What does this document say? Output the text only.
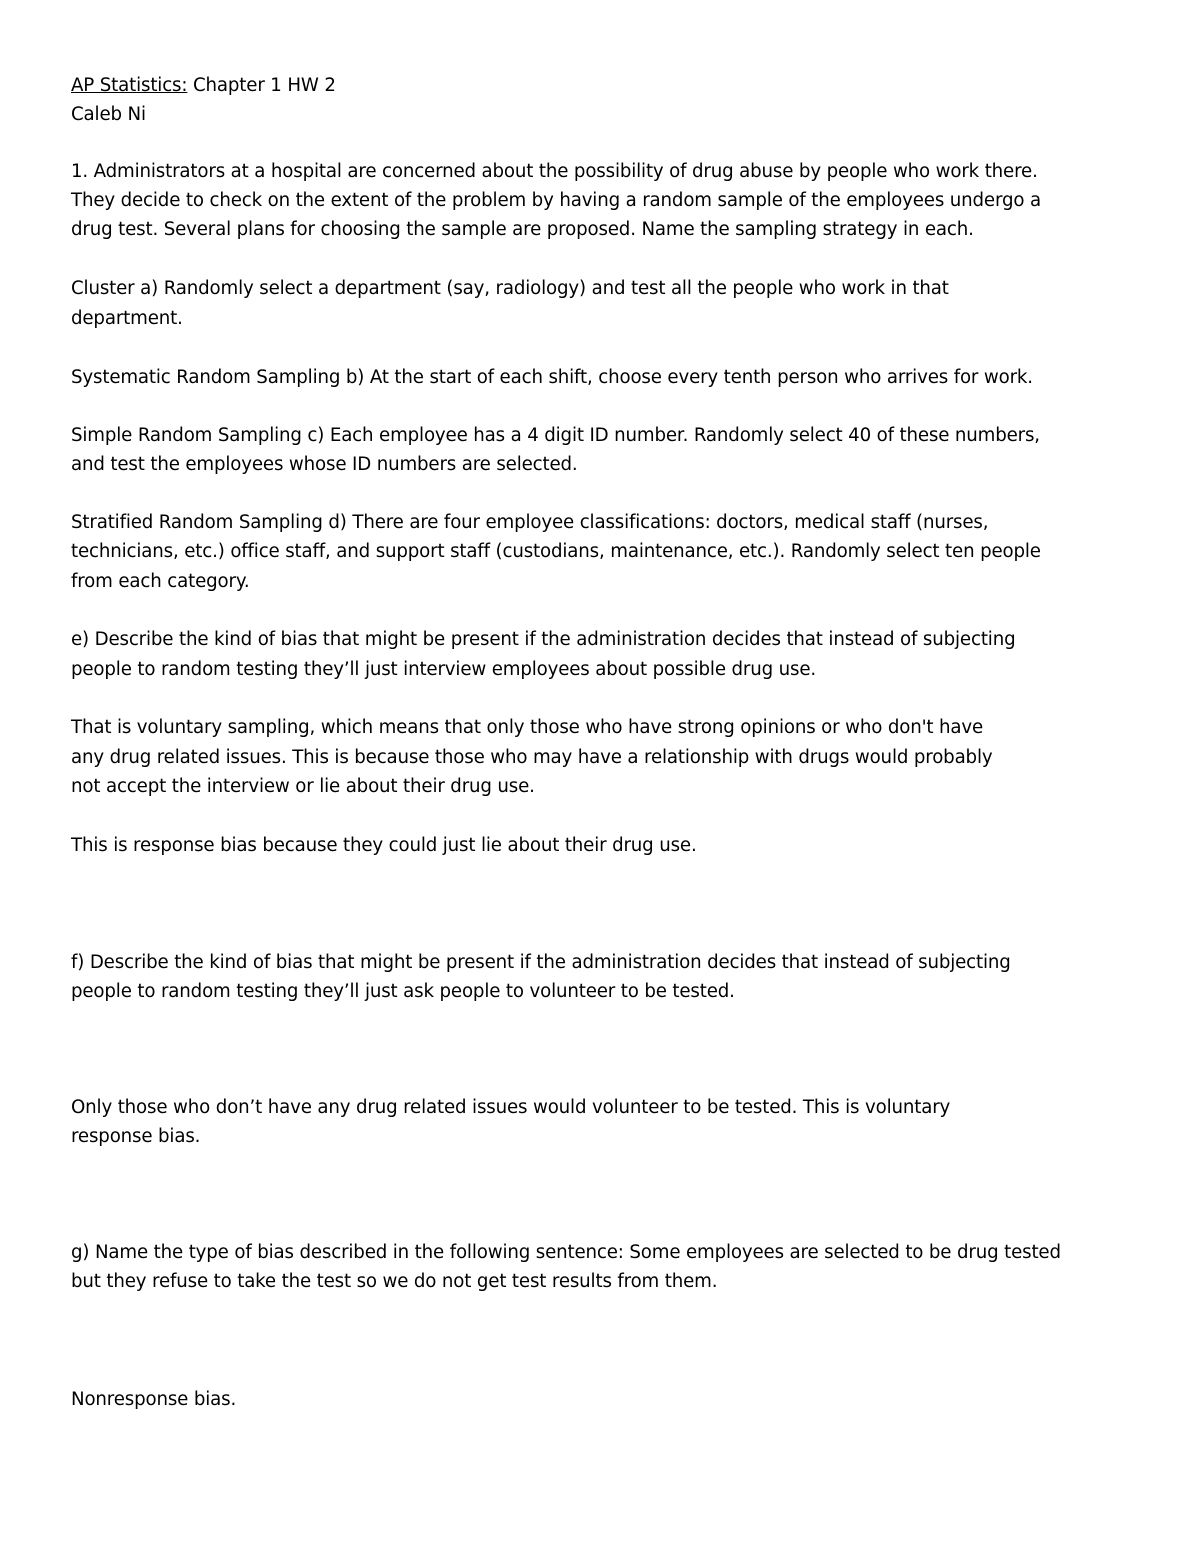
AP Statistics: Chapter 1 HW 2
Caleb Ni
1. Administrators at a hospital are concerned about the possibility of drug abuse by people who work there.
They decide to check on the extent of the problem by having a random sample of the employees undergo a
drug test. Several plans for choosing the sample are proposed. Name the sampling strategy in each.
Cluster a) Randomly select a department (say, radiology) and test all the people who work in that
department.
Systematic Random Sampling b) At the start of each shift, choose every tenth person who arrives for work.
Simple Random Sampling c) Each employee has a 4 digit ID number. Randomly select 40 of these numbers,
and test the employees whose ID numbers are selected.
Stratified Random Sampling d) There are four employee classifications: doctors, medical staff (nurses,
technicians, etc.) office staff, and support staff (custodians, maintenance, etc.). Randomly select ten people
from each category.
e) Describe the kind of bias that might be present if the administration decides that instead of subjecting
people to random testing they’ll just interview employees about possible drug use.
That is voluntary sampling, which means that only those who have strong opinions or who don't have
any drug related issues. This is because those who may have a relationship with drugs would probably
not accept the interview or lie about their drug use.
This is response bias because they could just lie about their drug use.
f) Describe the kind of bias that might be present if the administration decides that instead of subjecting
people to random testing they’ll just ask people to volunteer to be tested.
Only those who don’t have any drug related issues would volunteer to be tested. This is voluntary
response bias.
g) Name the type of bias described in the following sentence: Some employees are selected to be drug tested
but they refuse to take the test so we do not get test results from them.
Nonresponse bias.
